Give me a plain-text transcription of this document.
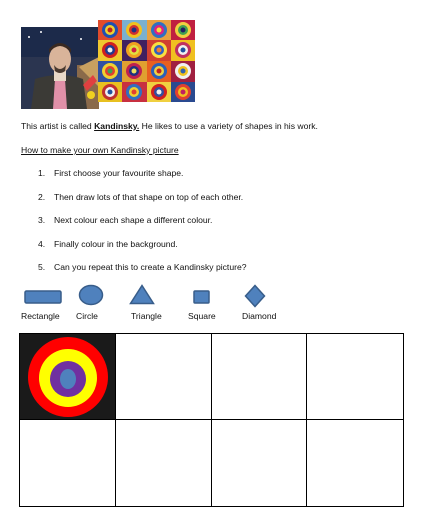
This artist is called Kandinsky. He likes to use a variety of shapes in his work.

How to make your own Kandinsky picture

1.	First choose your favourite shape.
2.	Then draw lots of that shape on top of each other.
3.	Next colour each shape a different colour.
4.	Finally colour in the background.
5.	Can you repeat this to create a Kandinsky picture?
Rectangle Circle	Triangle	Square	Diamond
